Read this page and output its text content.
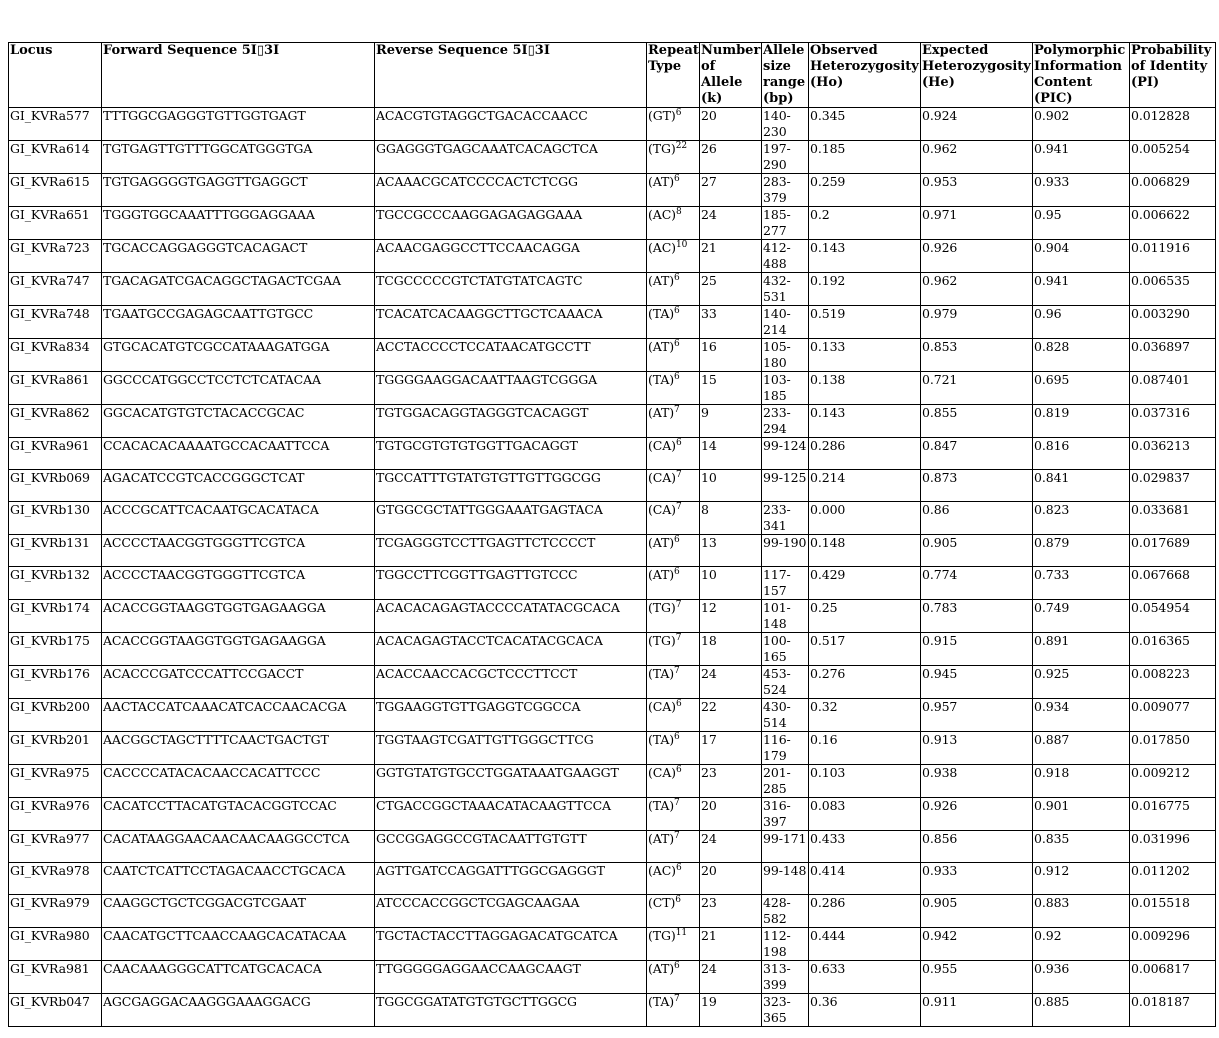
Locus	Forward Sequence 5I▯3I	Reverse Sequence 5I▯3I	Repeat Type	Number of Allele (k)	Allele size range (bp)	Observed Heterozygosity (Ho)	Expected Heterozygosity (He)	Polymorphic Information Content (PIC)	Probability of Identity (PI)
GI_KVRa577	TTTGGCGAGGGTGTTGGTGAGT	ACACGTGTAGGCTGACACCAACC	(GT)$^6$	20	140-230	0.345	0.924	0.902	0.012828
GI_KVRa614	TGTGAGTTGTTTGGCATGGGTGA	GGAGGGTGAGCAAATCACAGCTCA	(TG)$^{22}$	26	197-290	0.185	0.962	0.941	0.005254
GI_KVRa615	TGTGAGGGGTGAGGTTGAGGCT	ACAAACGCATCCCCACTCTCGG	(AT)$^6$	27	283-379	0.259	0.953	0.933	0.006829
GI_KVRa651	TGGGTGGCAAATTTGGGAGGAAA	TGCCGCCCAAGGAGAGAGGAAA	(AC)$^8$	24	185-277	0.2	0.971	0.95	0.006622
GI_KVRa723	TGCACCAGGAGGGTCACAGACT	ACAACGAGGCCTTCCAACAGGA	(AC)$^{10}$	21	412-488	0.143	0.926	0.904	0.011916
GI_KVRa747	TGACAGATCGACAGGCTAGACTCGAA	TCGCCCCCGTCTATGTATCAGTC	(AT)$^6$	25	432-531	0.192	0.962	0.941	0.006535
GI_KVRa748	TGAATGCCGAGAGCAATTGTGCC	TCACATCACAAGGCTTGCTCAAACA	(TA)$^6$	33	140-214	0.519	0.979	0.96	0.003290
GI_KVRa834	GTGCACATGTCGCCATAAAGATGGA	ACCTACCCCTCCATAACATGCCTT	(AT)$^6$	16	105-180	0.133	0.853	0.828	0.036897
GI_KVRa861	GGCCCATGGCCTCCTCTCATACAA	TGGGGAAGGACAATTAAGTCGGGA	(TA)$^6$	15	103-185	0.138	0.721	0.695	0.087401
GI_KVRa862	GGCACATGTGTCTACACCGCAC	TGTGGACAGGTAGGGTCACAGGT	(AT)$^7$	9	233-294	0.143	0.855	0.819	0.037316
GI_KVRa961	CCACACACAAAATGCCACAATTCCA	TGTGCGTGTGTGGTTGACAGGT	(CA)$^6$	14	99-124	0.286	0.847	0.816	0.036213
GI_KVRb069	AGACATCCGTCACCGGGCTCAT	TGCCATTTGTATGTGTTGTTGGCGG	(CA)$^7$	10	99-125	0.214	0.873	0.841	0.029837
GI_KVRb130	ACCCGCATTCACAATGCACATACA	GTGGCGCTATTGGGAAATGAGTACA	(CA)$^7$	8	233-341	0.000	0.86	0.823	0.033681
GI_KVRb131	ACCCCTAACGGTGGGTTCGTCA	TCGAGGGTCCTTGAGTTCTCCCCT	(AT)$^6$	13	99-190	0.148	0.905	0.879	0.017689
GI_KVRb132	ACCCCTAACGGTGGGTTCGTCA	TGGCCTTCGGTTGAGTTGTCCC	(AT)$^6$	10	117-157	0.429	0.774	0.733	0.067668
GI_KVRb174	ACACCGGTAAGGTGGTGAGAAGGA	ACACACAGAGTACCCCATATACGCACA	(TG)$^7$	12	101-148	0.25	0.783	0.749	0.054954
GI_KVRb175	ACACCGGTAAGGTGGTGAGAAGGA	ACACAGAGTACCTCACATACGCACA	(TG)$^7$	18	100-165	0.517	0.915	0.891	0.016365
GI_KVRb176	ACACCCGATCCCATTCCGACCT	ACACCAACCACGCTCCCTTCCT	(TA)$^7$	24	453-524	0.276	0.945	0.925	0.008223
GI_KVRb200	AACTACCATCAAACATCACCAACACGA	TGGAAGGTGTTGAGGTCGGCCA	(CA)$^6$	22	430-514	0.32	0.957	0.934	0.009077
GI_KVRb201	AACGGCTAGCTTTTCAACTGACTGT	TGGTAAGTCGATTGTTGGGCTTCG	(TA)$^6$	17	116-179	0.16	0.913	0.887	0.017850
GI_KVRa975	CACCCCATACACAACCACATTCCC	GGTGTATGTGCCTGGATAAATGAAGGT	(CA)$^6$	23	201-285	0.103	0.938	0.918	0.009212
GI_KVRa976	CACATCCTTACATGTACACGGTCCAC	CTGACCGGCTAAACATACAAGTTCCA	(TA)$^7$	20	316-397	0.083	0.926	0.901	0.016775
GI_KVRa977	CACATAAGGAACAACAACAAGGCCTCA	GCCGGAGGCCGTACAATTGTGTT	(AT)$^7$	24	99-171	0.433	0.856	0.835	0.031996
GI_KVRa978	CAATCTCATTCCTAGACAACCTGCACA	AGTTGATCCAGGATTTGGCGAGGGT	(AC)$^6$	20	99-148	0.414	0.933	0.912	0.011202
GI_KVRa979	CAAGGCTGCTCGGACGTCGAAT	ATCCCACCGGCTCGAGCAAGAA	(CT)$^6$	23	428-582	0.286	0.905	0.883	0.015518
GI_KVRa980	CAACATGCTTCAACCAAGCACATACAA	TGCTACTACCTTAGGAGACATGCATCA	(TG)$^{11}$	21	112-198	0.444	0.942	0.92	0.009296
GI_KVRa981	CAACAAAGGGCATTCATGCACACA	TTGGGGGAGGAACCAAGCAAGT	(AT)$^6$	24	313-399	0.633	0.955	0.936	0.006817
GI_KVRb047	AGCGAGGACAAGGGAAAGGACG	TGGCGGATATGTGTGCTTGGCG	(TA)$^7$	19	323-365	0.36	0.911	0.885	0.018187
